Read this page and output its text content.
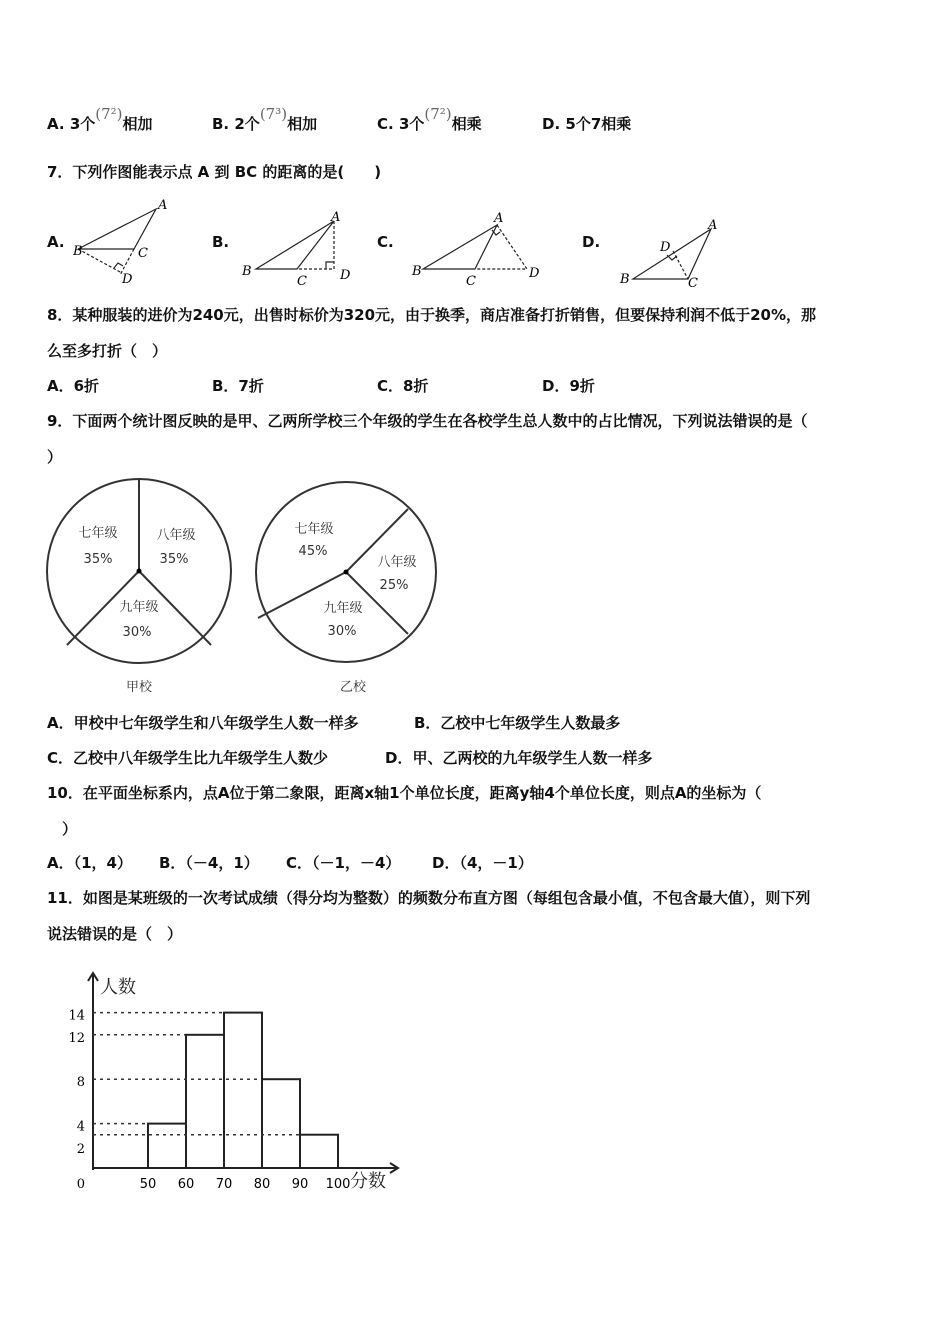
A. 3个(7²)相加	B. 2个(7³)相加	C. 3个(7²)相乘	D. 5个7相乘
7．下列作图能表示点 A 到 BC 的距离的是(　　)
A.	B.	C.	D.
A
B	C
D
A
B
C	D
A
B
C
D
A
B	C
D
8．某种服装的进价为240元，出售时标价为320元，由于换季，商店准备打折销售，但要保持利润不低于20%，那
么至多打折（　）
A．6折	B．7折	C．8折	D．9折
9．下面两个统计图反映的是甲、乙两所学校三个年级的学生在各校学生总人数中的占比情况，下列说法错误的是（
）
七年级
35%
八年级
35%
九年级
30%
甲校
七年级
45%
八年级
25%
九年级
30%
乙校
A．甲校中七年级学生和八年级学生人数一样多	B．乙校中七年级学生人数最多
C．乙校中八年级学生比九年级学生人数少	D．甲、乙两校的九年级学生人数一样多
10．在平面坐标系内，点A位于第二象限，距离x轴1个单位长度，距离y轴4个单位长度，则点A的坐标为（
）
A．（1，4） B．（－4，1） C．（－1，－4） D．（4，－1）
11．如图是某班级的一次考试成绩（得分均为整数）的频数分布直方图（每组包含最小值，不包含最大值），则下列
说法错误的是（　）
0
2
4
8
12
14
50 60 70 80 90 100
人数
分数
